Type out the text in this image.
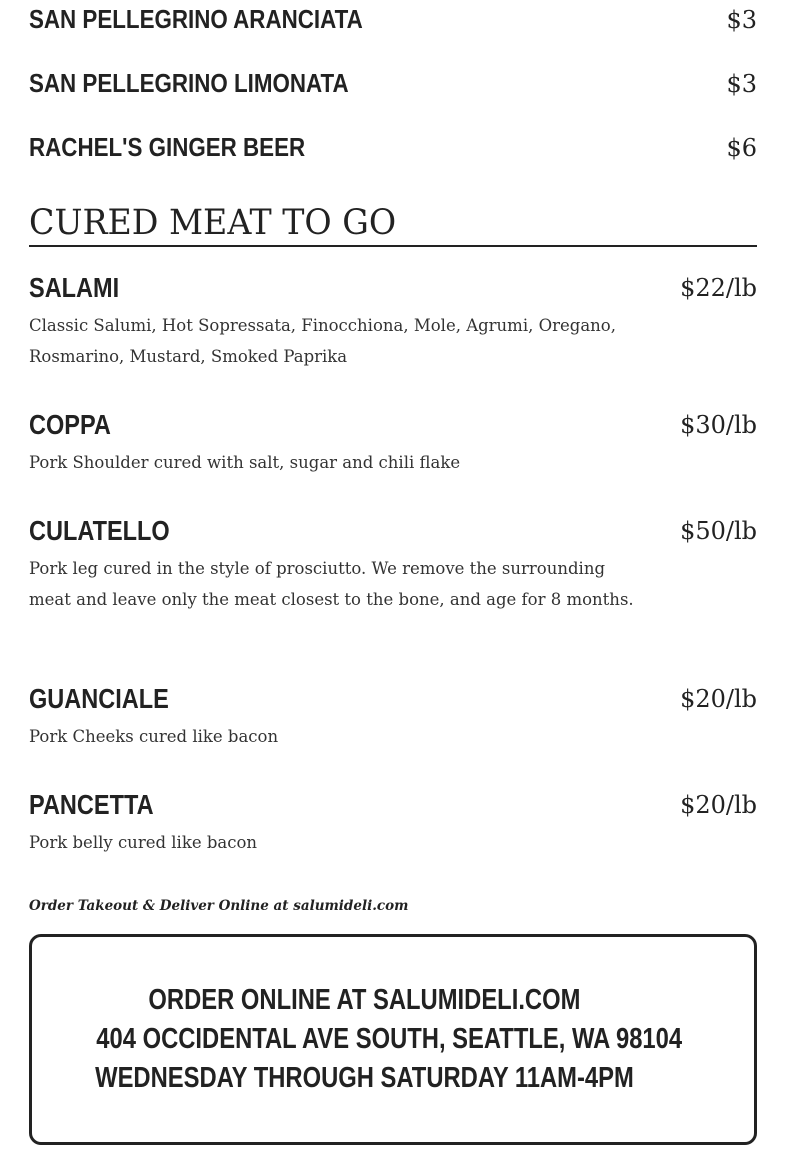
SAN PELLEGRINO ARANCIATA	$3
SAN PELLEGRINO LIMONATA	$3
RACHEL'S GINGER BEER	$6
CURED MEAT TO GO
SALAMI	$22/lb
Classic Salumi, Hot Sopressata, Finocchiona, Mole, Agrumi, Oregano, Rosmarino, Mustard, Smoked Paprika
COPPA	$30/lb
Pork Shoulder cured with salt, sugar and chili flake
CULATELLO	$50/lb
Pork leg cured in the style of prosciutto. We remove the surrounding meat and leave only the meat closest to the bone, and age for 8 months.
GUANCIALE	$20/lb
Pork Cheeks cured like bacon
PANCETTA	$20/lb
Pork belly cured like bacon
Order Takeout & Deliver Online at salumideli.com
ORDER ONLINE AT SALUMIDELI.COM
404 OCCIDENTAL AVE SOUTH, SEATTLE, WA 98104
WEDNESDAY THROUGH SATURDAY 11AM-4PM
